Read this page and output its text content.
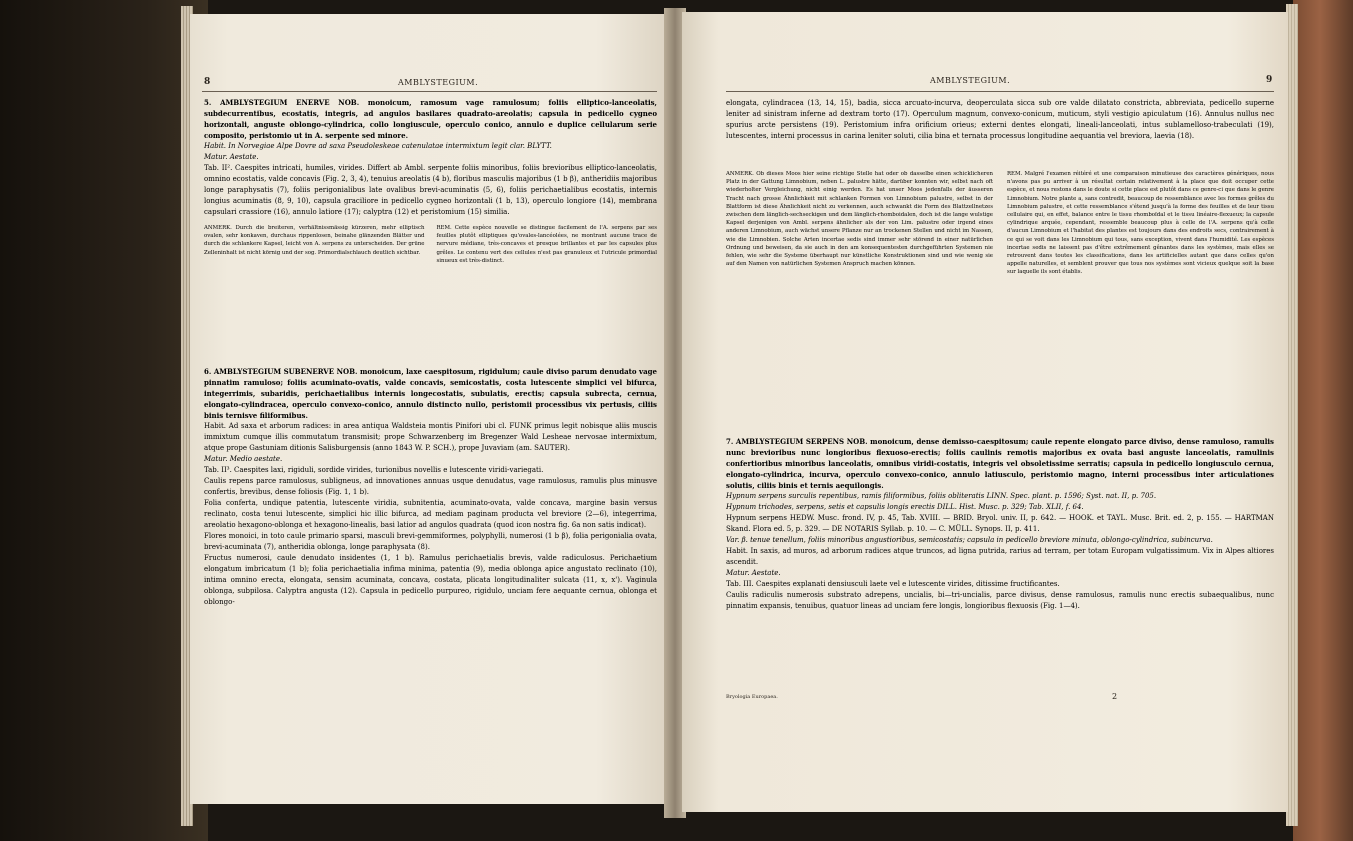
8	AMBLYSTEGIUM.

5. AMBLYSTEGIUM ENERVE NOB. monoicum, ramosum vage ramulosum; foliis elliptico-lanceolatis, subdecurrentibus, ecostatis, integris, ad angulos basilares quadrato-areolatis; capsula in pedicello cygneo horizontali, anguste oblongo-cylindrica, collo longiuscule, operculo conico, annulo e duplice cellularum serie composito, peristomio ut in A. serpente sed minore.

Habit. In Norvegiae Alpe Dovre ad saxa Pseudoleskeae catenulatae intermixtum legit clar. BLYTT.

Matur. Aestate.

Tab. II². Caespites intricati, humiles, virides. Differt ab Ambl. serpente foliis minoribus, foliis brevioribus elliptico-lanceolatis, omnino ecostatis, valde concavis (Fig. 2, 3, 4), tenuius areolatis (4 b), floribus masculis majoribus (1 b β), antheridiis majoribus longe paraphysatis (7), foliis perigonialibus late ovalibus brevi-acuminatis (5, 6), foliis perichaetialibus ecostatis, internis longius acuminatis (8, 9, 10), capsula graciliore in pedicello cygneo horizontali (1 b, 13), operculo longiore (14), membrana capsulari crassiore (16), annulo latiore (17); calyptra (12) et peristomium (15) similia.

ANMERK. Durch die breiteren, verhältnissmässig kürzeren, mehr elliptisch ovalen, sehr konkaven, durchaus rippenlosen, beinahe glänzenden Blätter und durch die schlankere Kapsel, leicht von A. serpens zu unterscheiden. Der grüne Zelleninhalt ist nicht körnig und der sog. Primordialschlauch deutlich sichtbar.

REM. Cette espèce nouvelle se distingue facilement de l'A. serpens par ses feuilles plutôt elliptiques qu'ovales-lancéolées, ne montrant aucune trace de nervure médiane, très-concaves et presque brillantes et par les capsules plus grêles. Le contenu vert des cellules n'est pas granuleux et l'utricule primordial sinueux est très-distinct.

6. AMBLYSTEGIUM SUBENERVE NOB. monoicum, laxe caespitosum, rigidulum; caule diviso parum denudato vage pinnatim ramuloso; foliis acuminato-ovatis, valde concavis, semicostatis, costa lutescente simplici vel bifurca, integerrimis, subaridis, perichaetialibus internis longecostatis, subulatis, erectis; capsula subrecta, cernua, elongato-cylindracea, operculo convexo-conico, annulo distincto nullo, peristomii processibus vix pertusis, ciliis binis ternisve filiformibus.

Habit. Ad saxa et arborum radices: in area antiqua Waldsteia montis Pinifori ubi cl. FUNK primus legit nobisque aliis muscis immixtum cumque illis commutatum transmisit; prope Schwarzenberg im Bregenzer Wald Lesheae nervosae intermixtum, atque prope Gastuniam ditionis Salisburgensis (anno 1843 W. P. SCH.), prope Juvaviam (am. SAUTER).

Matur. Medio aestate.

Tab. II³. Caespites laxi, rigiduli, sordide virides, turionibus novellis e lutescente viridi-variegati.

Caulis repens parce ramulosus, subligneus, ad innovationes annuas usque denudatus, vage ramulosus, ramulis plus minusve confertis, brevibus, dense foliosis (Fig. 1, 1 b).

Folia conferta, undique patentia, lutescente viridia, subnitentia, acuminato-ovata, valde concava, margine basin versus reclinato, costa tenui lutescente, simplici hic illic bifurca, ad mediam paginam producta vel breviore (2—6), integerrima, areolatio hexagono-oblonga et hexagono-linealis, basi latior ad angulos quadrata (quod icon nostra fig. 6a non satis indicat).

Flores monoici, in toto caule primario sparsi, masculi brevi-gemmiformes, polyphylli, numerosi (1 b β), folia perigonialia ovata, brevi-acuminata (7), antheridia oblonga, longe paraphysata (8).

Fructus numerosi, caule denudato insidentes (1, 1 b). Ramulus perichaetialis brevis, valde radiculosus. Perichaetium elongatum imbricatum (1 b); folia perichaetialia infima minima, patentia (9), media oblonga apice angustato reclinato (10), intima omnino erecta, elongata, sensim acuminata, concava, costata, plicata longitudinaliter sulcata (11, x, x'). Vaginula oblonga, subpilosa. Calyptra angusta (12). Capsula in pedicello purpureo, rigidulo, unciam fere aequante cernua, oblonga et oblongo-

AMBLYSTEGIUM.	9

elongata, cylindracea (13, 14, 15), badia, sicca arcuato-incurva, deoperculata sicca sub ore valde dilatato constricta, abbreviata, pedicello superne leniter ad sinistram inferne ad dextram torto (17). Operculum magnum, convexo-conicum, muticum, styli vestigio apiculatum (16). Annulus nullus nec spurius arcte persistens (19). Peristomium infra orificium orieus; externi dentes elongati, lineali-lanceolati, intus sublamelloso-trabeculati (19), lutescentes, interni processus in carina leniter soluti, cilia bina et ternata processus longitudine aequantia vel breviora, laevia (18).

ANMERK. Ob dieses Moos hier seine richtige Stelle hat oder ob dasselbe einen schicklicheren Platz in der Gattung Limnobium, neben L. palustre hätte, darüber konnten wir, selbst nach oft wiederholter Vergleichung, nicht einig werden. Es hat unser Moos jedenfalls der äusseren Tracht nach grosse Ähnlichkeit mit schlanken Formen von Limnobium palustre, selbst in der Blattform ist diese Ähnlichkeit nicht zu verkennen, auch schwankt die Form des Blattzellnetzes zwischen dem länglich-sechseckigen und dem länglich-rhomboidalen, doch ist die lange wulstige Kapsel derjenigen von Ambl. serpens ähnlicher als der von Lim. palustre oder irgend eines anderen Limnobium, auch wächst unsere Pflanze nur an trockenen Stellen und nicht im Nassen, wie die Limnobien. Solche Arten incertae sedis sind immer sehr störend in einer natürlichen Ordnung und beweisen, da sie auch in den am konsequentesten durchgeführten Systemen nie fehlen, wie sehr die Systeme überhaupt nur künstliche Konstruktionen sind und wie wenig sie auf den Namen von natürlichen Systemen Anspruch machen können.

REM. Malgré l'examen réitéré et une comparaison minutieuse des caractères génériques, nous n'avons pas pu arriver à un résultat certain relativement à la place que doit occuper cette espèce, et nous restons dans le doute si cette place est plutôt dans ce genre-ci que dans le genre Limnobium. Notre plante a, sans contredit, beaucoup de ressemblance avec les formes grêles du Limnobium palustre, et cette ressemblance s'étend jusqu'à la forme des feuilles et de leur tissu cellulaire qui, en effet, balance entre le tissu rhomboïdal et le tissu linéaire-flexueux; la capsule cylindrique arquée, cependant, ressemble beaucoup plus à celle de l'A. serpens qu'à celle d'aucun Limnobium et l'habitat des plantes est toujours dans des endroits secs, contrairement à ce qui se voit dans les Limnobium qui tous, sans exception, vivent dans l'humidité. Les espèces incertae sedis ne laissent pas d'être extrêmement gênantes dans les systèmes, mais elles se retrouvent dans toutes les classifications, dans les artificielles autant que dans celles qu'on appelle naturelles, et semblent prouver que tous nos systèmes sont vicieux quelque soit la base sur laquelle ils sont établis.

7. AMBLYSTEGIUM SERPENS NOB. monoicum, dense demisso-caespitosum; caule repente elongato parce diviso, dense ramuloso, ramulis nunc brevioribus nunc longioribus flexuoso-erectis; foliis caulinis remotis majoribus ex ovata basi anguste lanceolatis, ramulinis confertioribus minoribus lanceolatis, omnibus viridi-costatis, integris vel obsoletissime serratis; capsula in pedicello longiusculo cernua, elongato-cylindrica, incurva, operculo convexo-conico, annulo latiusculo, peristomio magno, interni processibus inter articulationes solutis, ciliis binis et ternis aequilongis.

Hypnum serpens surculis repentibus, ramis filiformibus, foliis obliteratis LINN. Spec. plant. p. 1596; Syst. nat. II, p. 705.

Hypnum trichodes, serpens, setis et capsulis longis erectis DILL. Hist. Musc. p. 329; Tab. XLII, f. 64.

Hypnum serpens HEDW. Musc. frond. IV, p. 45, Tab. XVIII. — BRID. Bryol. univ. II, p. 642. — HOOK. et TAYL. Musc. Brit. ed. 2, p. 155. — HARTMAN Skand. Flora ed. 5, p. 329. — DE NOTARIS Syllab. p. 10. — C. MÜLL. Synops. II, p. 411.

Var. β. tenue tenellum, foliis minoribus angustioribus, semicostatis; capsula in pedicello breviore minuta, oblongo-cylindrica, subincurva.

Habit. In saxis, ad muros, ad arborum radices atque truncos, ad ligna putrida, rarius ad terram, per totam Europam vulgatissimum. Vix in Alpes altiores ascendit.

Matur. Aestate.

Tab. III. Caespites explanati densiusculi laete vel e lutescente virides, ditissime fructificantes.

Caulis radiculis numerosis substrato adrepens, uncialis, bi—tri-uncialis, parce divisus, dense ramulosus, ramulis nunc erectis subaequalibus, nunc pinnatim expansis, tenuibus, quatuor lineas ad unciam fere longis, longioribus flexuosis (Fig. 1—4).

Bryologia Europaea.	2
